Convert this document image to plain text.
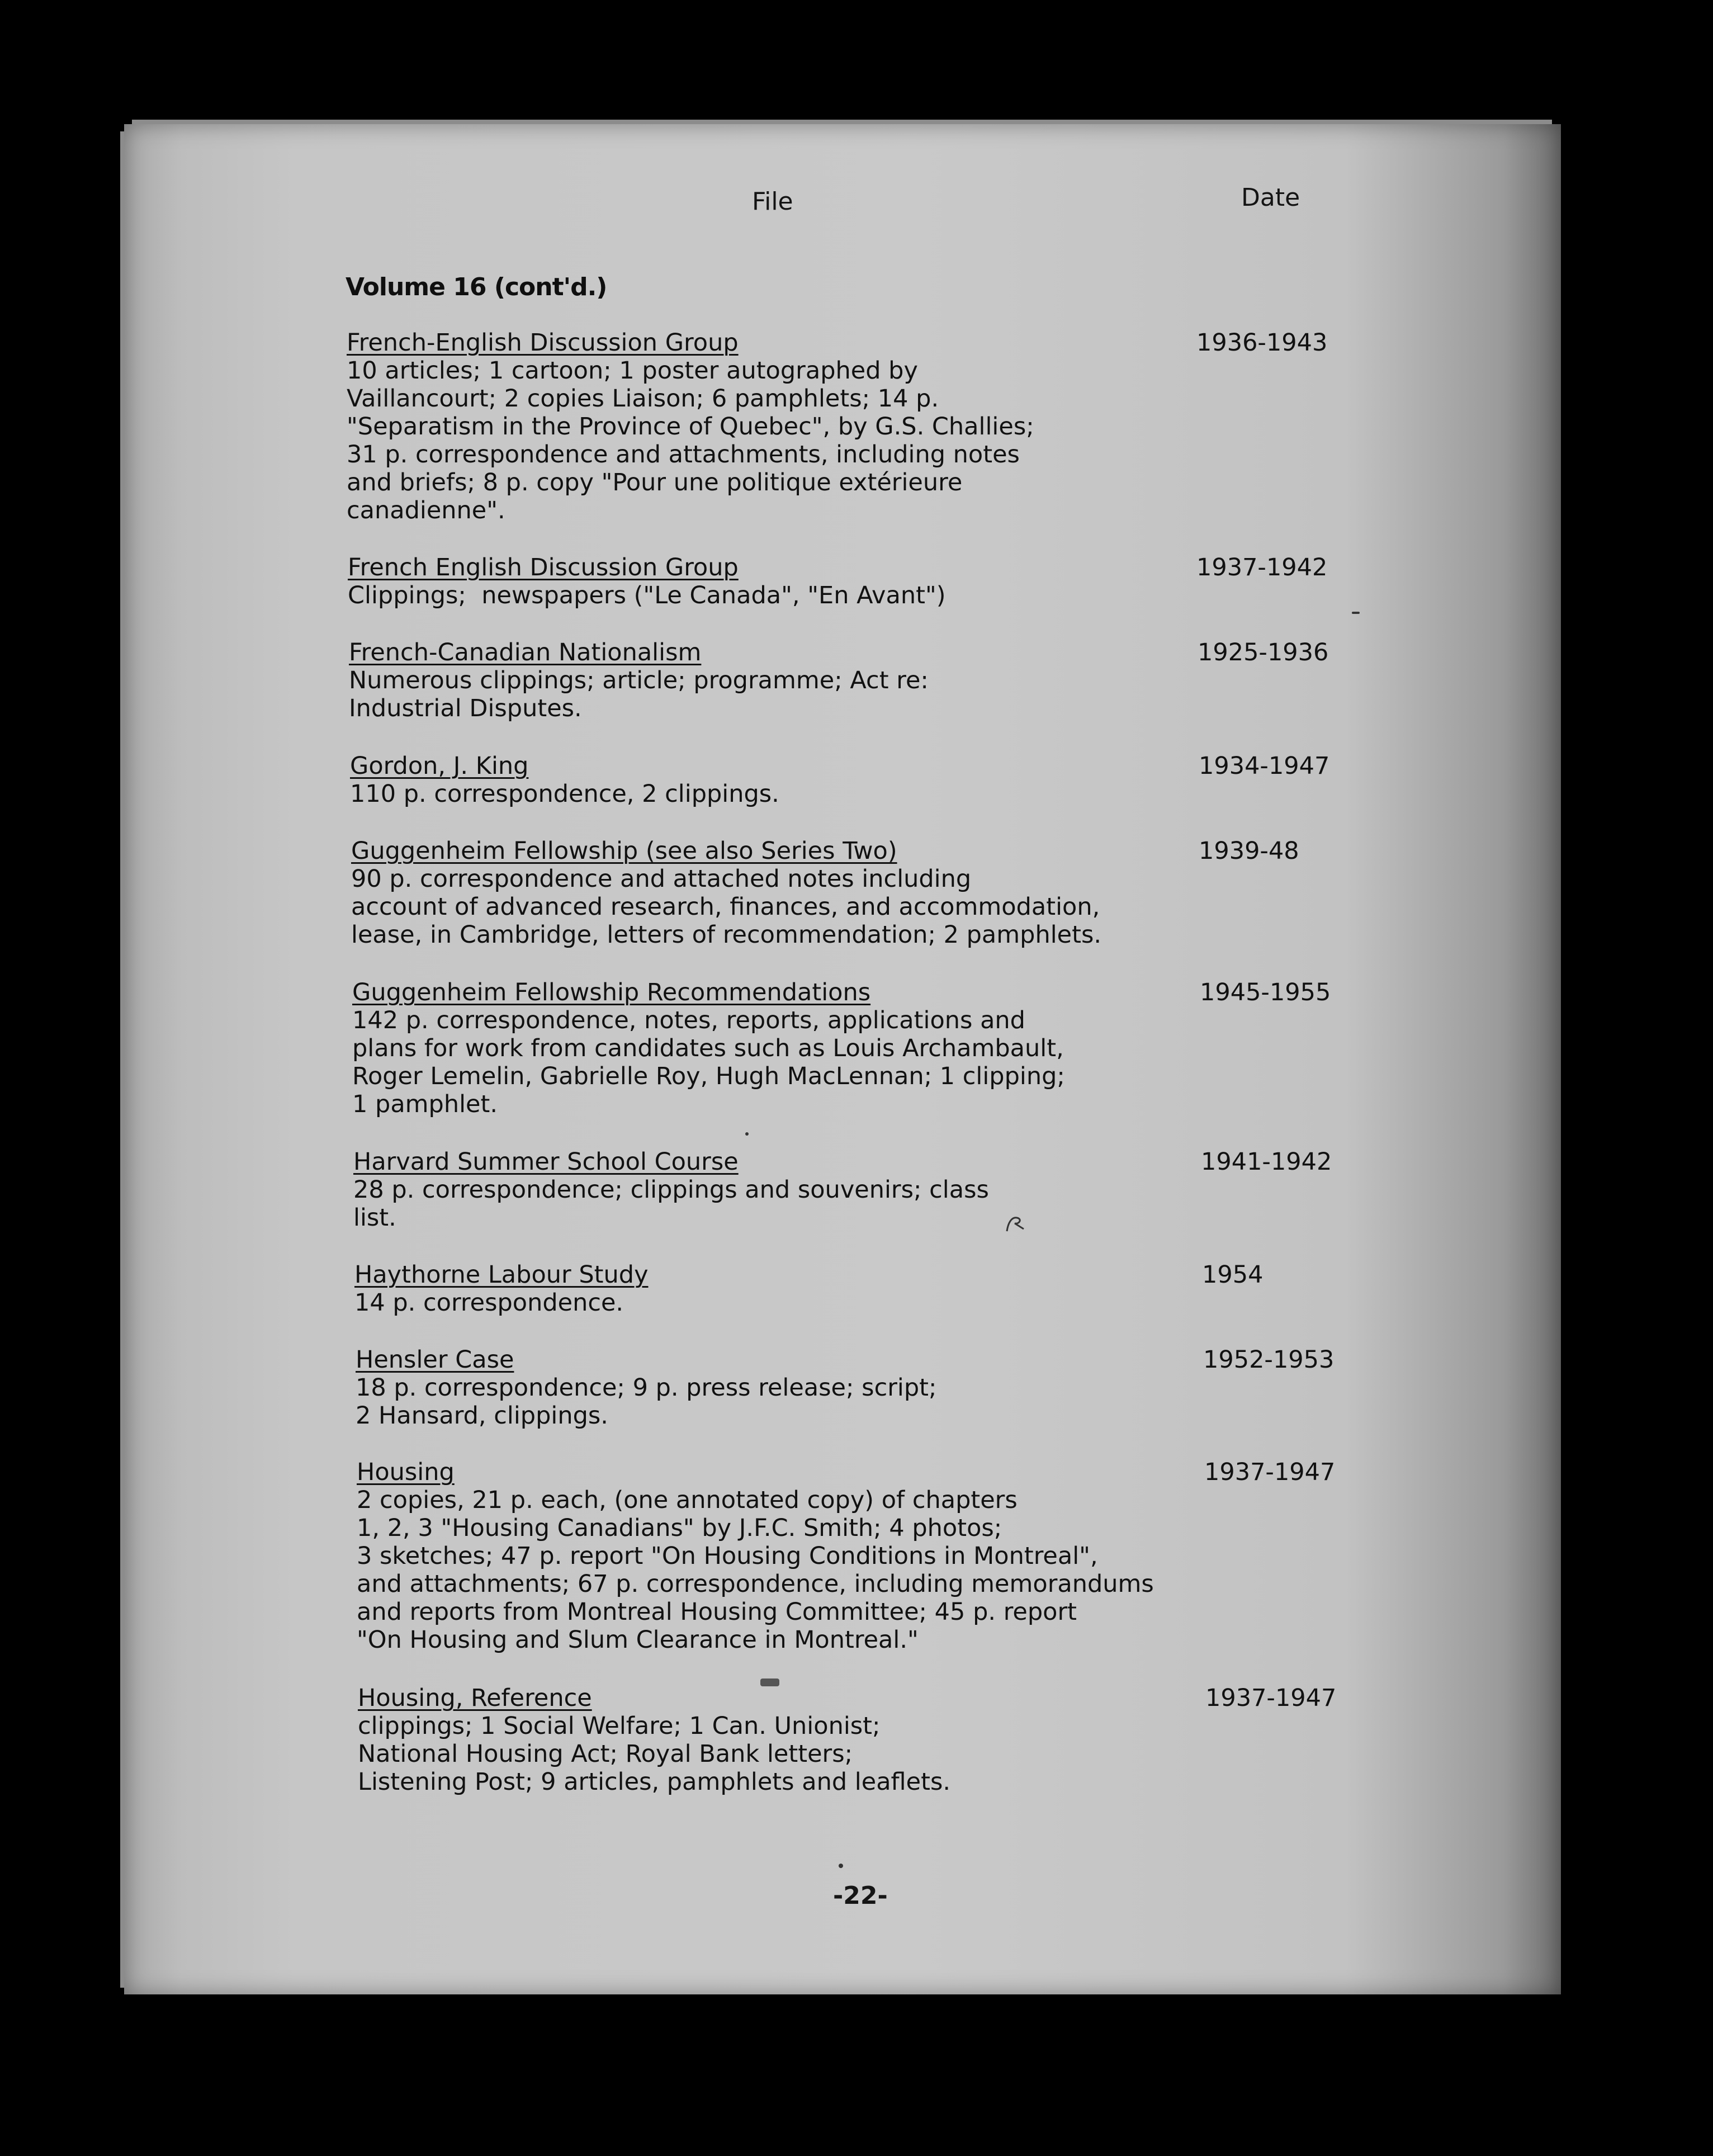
File	Date
Volume 16 (cont'd.)
French-English Discussion Group
10 articles; 1 cartoon; 1 poster autographed by
Vaillancourt; 2 copies Liaison; 6 pamphlets; 14 p.
"Separatism in the Province of Quebec", by G.S. Challies;
31 p. correspondence and attachments, including notes
and briefs; 8 p. copy "Pour une politique extérieure
canadienne".
1936-1943
French English Discussion Group
Clippings;  newspapers ("Le Canada", "En Avant")
1937-1942
French-Canadian Nationalism
Numerous clippings; article; programme; Act re:
Industrial Disputes.
1925-1936
Gordon, J. King
110 p. correspondence, 2 clippings.
1934-1947
Guggenheim Fellowship (see also Series Two)
90 p. correspondence and attached notes including
account of advanced research, finances, and accommodation,
lease, in Cambridge, letters of recommendation; 2 pamphlets.
1939-48
Guggenheim Fellowship Recommendations
142 p. correspondence, notes, reports, applications and
plans for work from candidates such as Louis Archambault,
Roger Lemelin, Gabrielle Roy, Hugh MacLennan; 1 clipping;
1 pamphlet.
1945-1955
Harvard Summer School Course
28 p. correspondence; clippings and souvenirs; class
list.
1941-1942
Haythorne Labour Study
14 p. correspondence.
1954
Hensler Case
18 p. correspondence; 9 p. press release; script;
2 Hansard, clippings.
1952-1953
Housing
2 copies, 21 p. each, (one annotated copy) of chapters
1, 2, 3 "Housing Canadians" by J.F.C. Smith; 4 photos;
3 sketches; 47 p. report "On Housing Conditions in Montreal",
and attachments; 67 p. correspondence, including memorandums
and reports from Montreal Housing Committee; 45 p. report
"On Housing and Slum Clearance in Montreal."
1937-1947
Housing, Reference
clippings; 1 Social Welfare; 1 Can. Unionist;
National Housing Act; Royal Bank letters;
Listening Post; 9 articles, pamphlets and leaflets.
1937-1947
-22-
